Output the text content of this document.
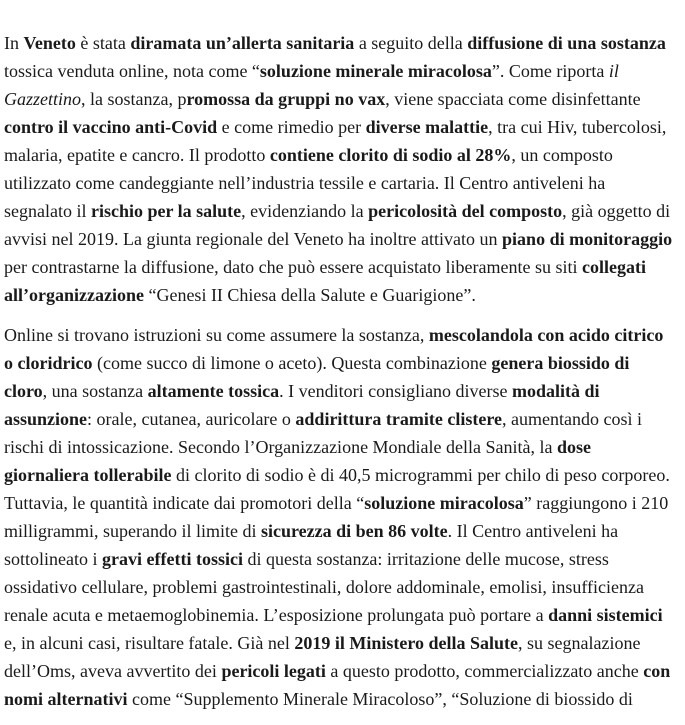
In Veneto è stata diramata un’allerta sanitaria a seguito della diffusione di una sostanza tossica venduta online, nota come “soluzione minerale miracolosa”. Come riporta il Gazzettino, la sostanza, promossa da gruppi no vax, viene spacciata come disinfettante contro il vaccino anti-Covid e come rimedio per diverse malattie, tra cui Hiv, tubercolosi, malaria, epatite e cancro. Il prodotto contiene clorito di sodio al 28%, un composto utilizzato come candeggiante nell’industria tessile e cartaria. Il Centro antiveleni ha segnalato il rischio per la salute, evidenziando la pericolosità del composto, già oggetto di avvisi nel 2019. La giunta regionale del Veneto ha inoltre attivato un piano di monitoraggio per contrastarne la diffusione, dato che può essere acquistato liberamente su siti collegati all’organizzazione “Genesi II Chiesa della Salute e Guarigione”.

Online si trovano istruzioni su come assumere la sostanza, mescolandola con acido citrico o cloridrico (come succo di limone o aceto). Questa combinazione genera biossido di cloro, una sostanza altamente tossica. I venditori consigliano diverse modalità di assunzione: orale, cutanea, auricolare o addirittura tramite clistere, aumentando così i rischi di intossicazione. Secondo l’Organizzazione Mondiale della Sanità, la dose giornaliera tollerabile di clorito di sodio è di 40,5 microgrammi per chilo di peso corporeo. Tuttavia, le quantità indicate dai promotori della “soluzione miracolosa” raggiungono i 210 milligrammi, superando il limite di sicurezza di ben 86 volte. Il Centro antiveleni ha sottolineato i gravi effetti tossici di questa sostanza: irritazione delle mucose, stress ossidativo cellulare, problemi gastrointestinali, dolore addominale, emolisi, insufficienza renale acuta e metaemoglobinemia. L’esposizione prolungata può portare a danni sistemici e, in alcuni casi, risultare fatale. Già nel 2019 il Ministero della Salute, su segnalazione dell’Oms, aveva avvertito dei pericoli legati a questo prodotto, commercializzato anche con nomi alternativi come “Supplemento Minerale Miracoloso”, “Soluzione di biossido di
